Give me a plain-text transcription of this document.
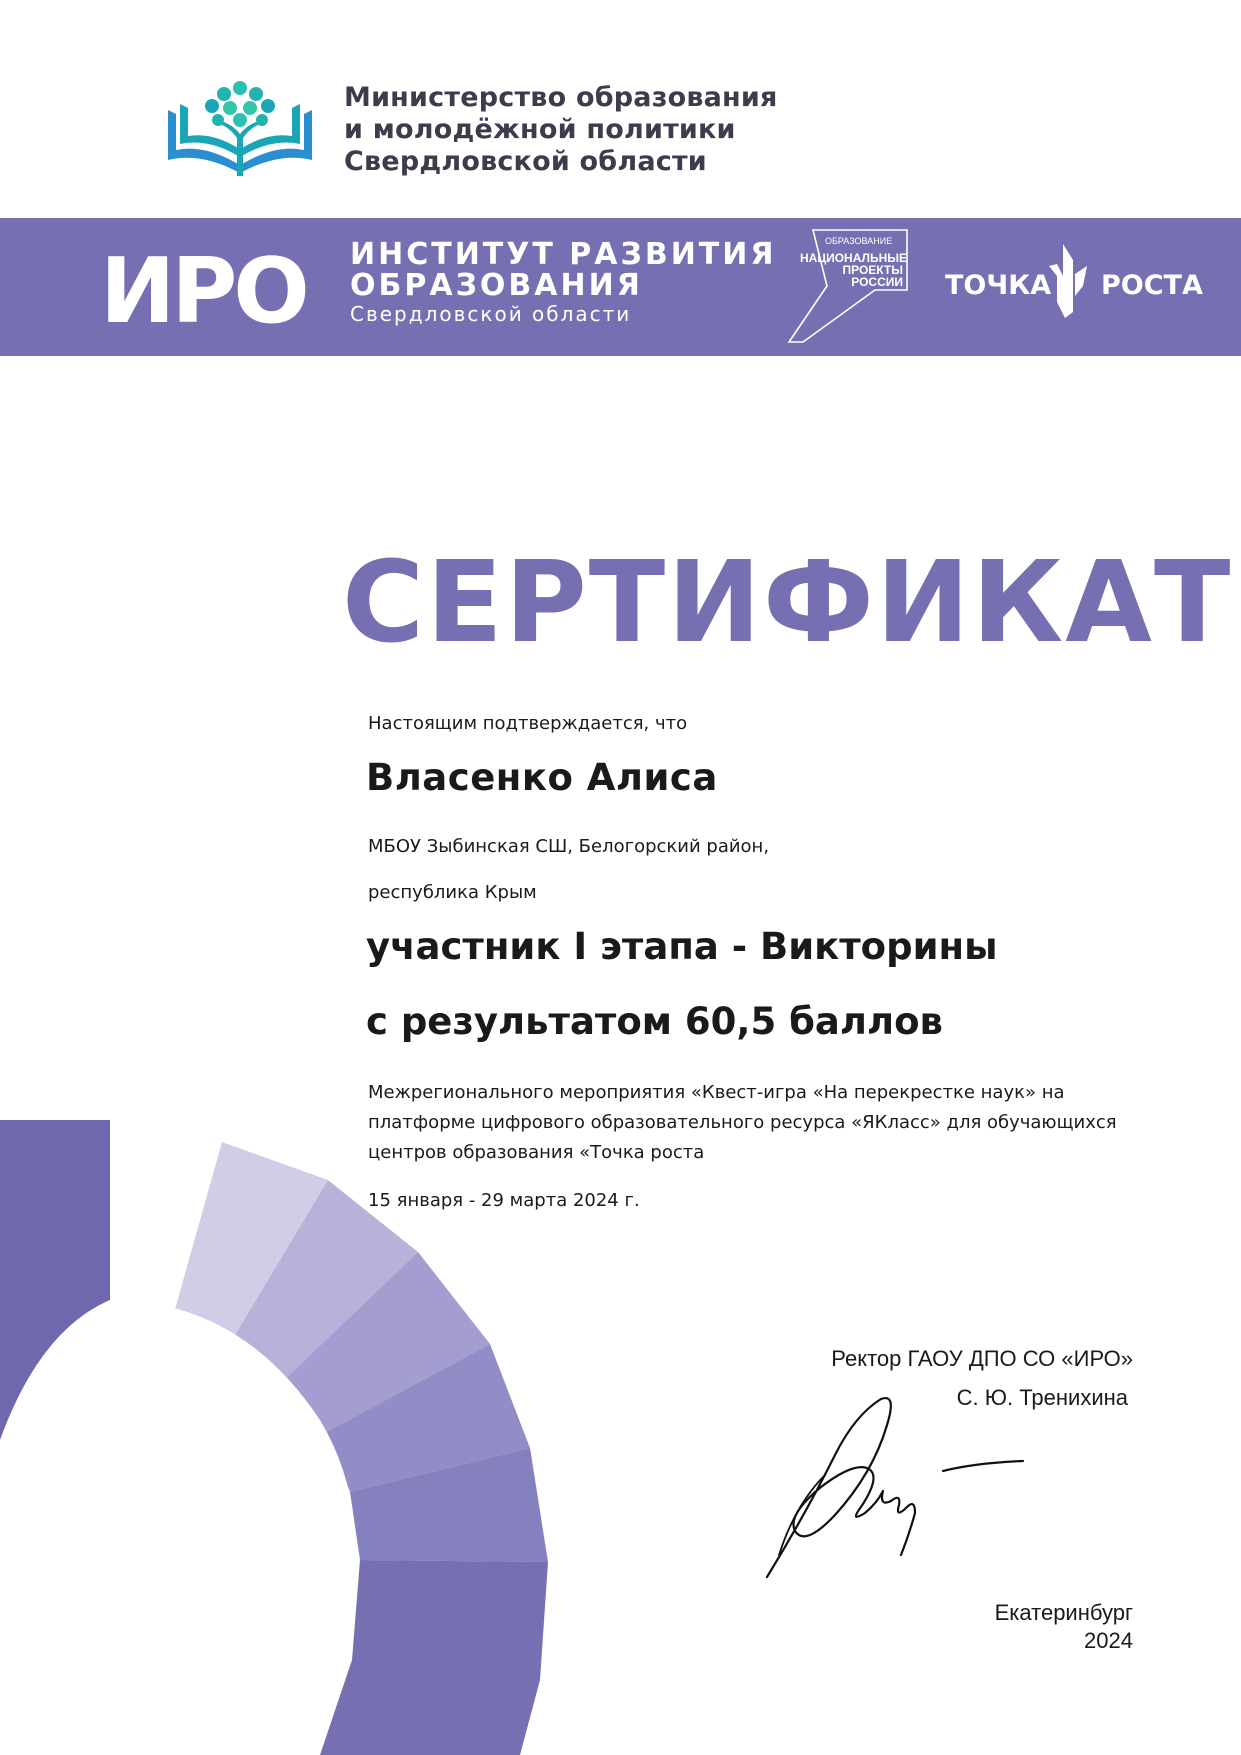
Министерство образования
и молодёжной политики
Свердловской области
ИРО ИНСТИТУТ РАЗВИТИЯ
ОБРАЗОВАНИЯ
Свердловской области
ОБРАЗОВАНИЕ
НАЦИОНАЛЬНЫЕ
ПРОЕКТЫ
РОССИИ ТОЧКА РОСТА
СЕРТИФИКАТ
Настоящим подтверждается, что
Власенко Алиса
МБОУ Зыбинская СШ, Белогорский район,
республика Крым
участник I этапа - Викторины
с результатом 60,5 баллов
Межрегионального мероприятия «Квест-игра «На перекрестке наук» на
платформе цифрового образовательного ресурса «ЯКласс» для обучающихся
центров образования «Точка роста
15 января - 29 марта 2024 г.
Ректор ГАОУ ДПО СО «ИРО»
С. Ю. Тренихина
Екатеринбург
2024
